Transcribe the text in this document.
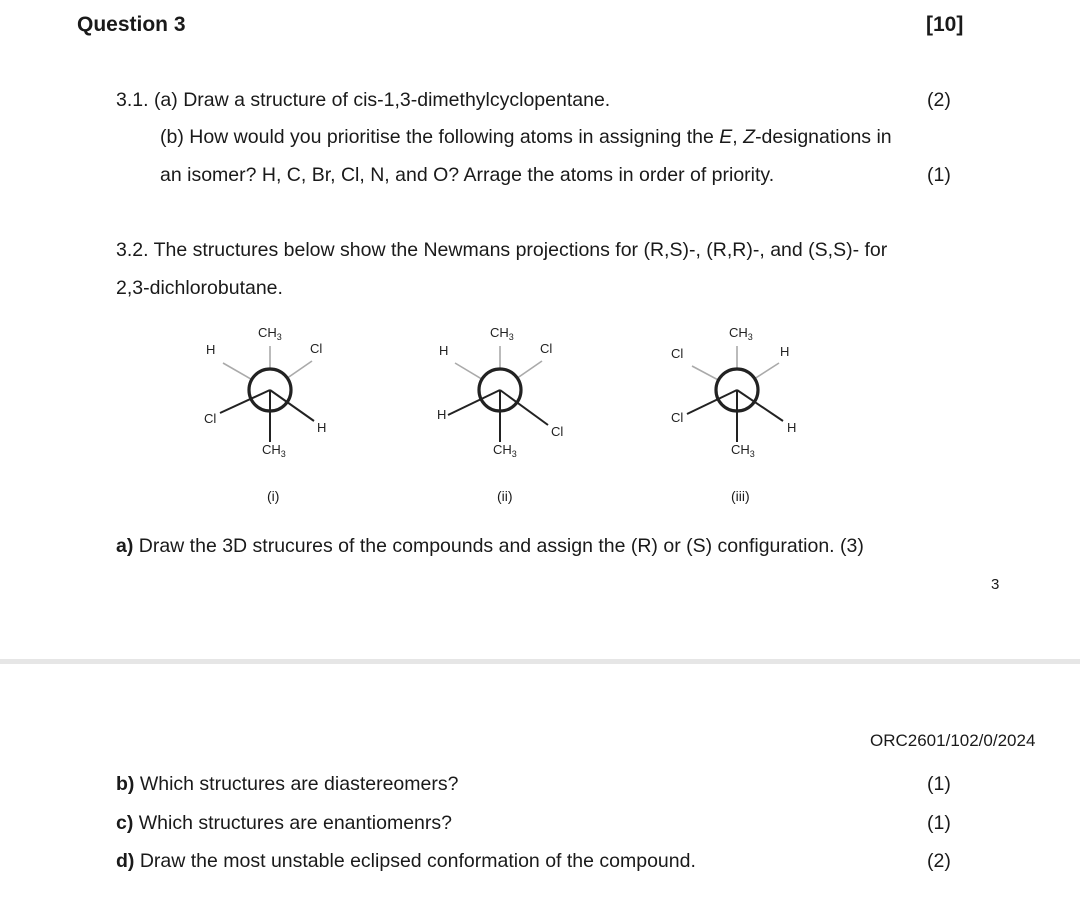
Question 3	[10]
3.1. (a) Draw a structure of cis-1,3-dimethylcyclopentane.	(2)
(b) How would you prioritise the following atoms in assigning the E, Z-designations in
an isomer? H, C, Br, Cl, N, and O? Arrage the atoms in order of priority.	(1)
3.2. The structures below show the Newmans projections for (R,S)-, (R,R)-, and (S,S)- for
2,3-dichlorobutane.
$CH_3$
H	Cl
Cl
H
$CH_3$
(i)
$CH_3$
H	Cl
H
Cl
$CH_3$
(ii)
$CH_3$
Cl	H
Cl
H
$CH_3$
(iii)
a) Draw the 3D strucures of the compounds and assign the (R) or (S) configuration. (3)
3
ORC2601/102/0/2024
b) Which structures are diastereomers?	(1)
c) Which structures are enantiomenrs?	(1)
d) Draw the most unstable eclipsed conformation of the compound.	(2)
